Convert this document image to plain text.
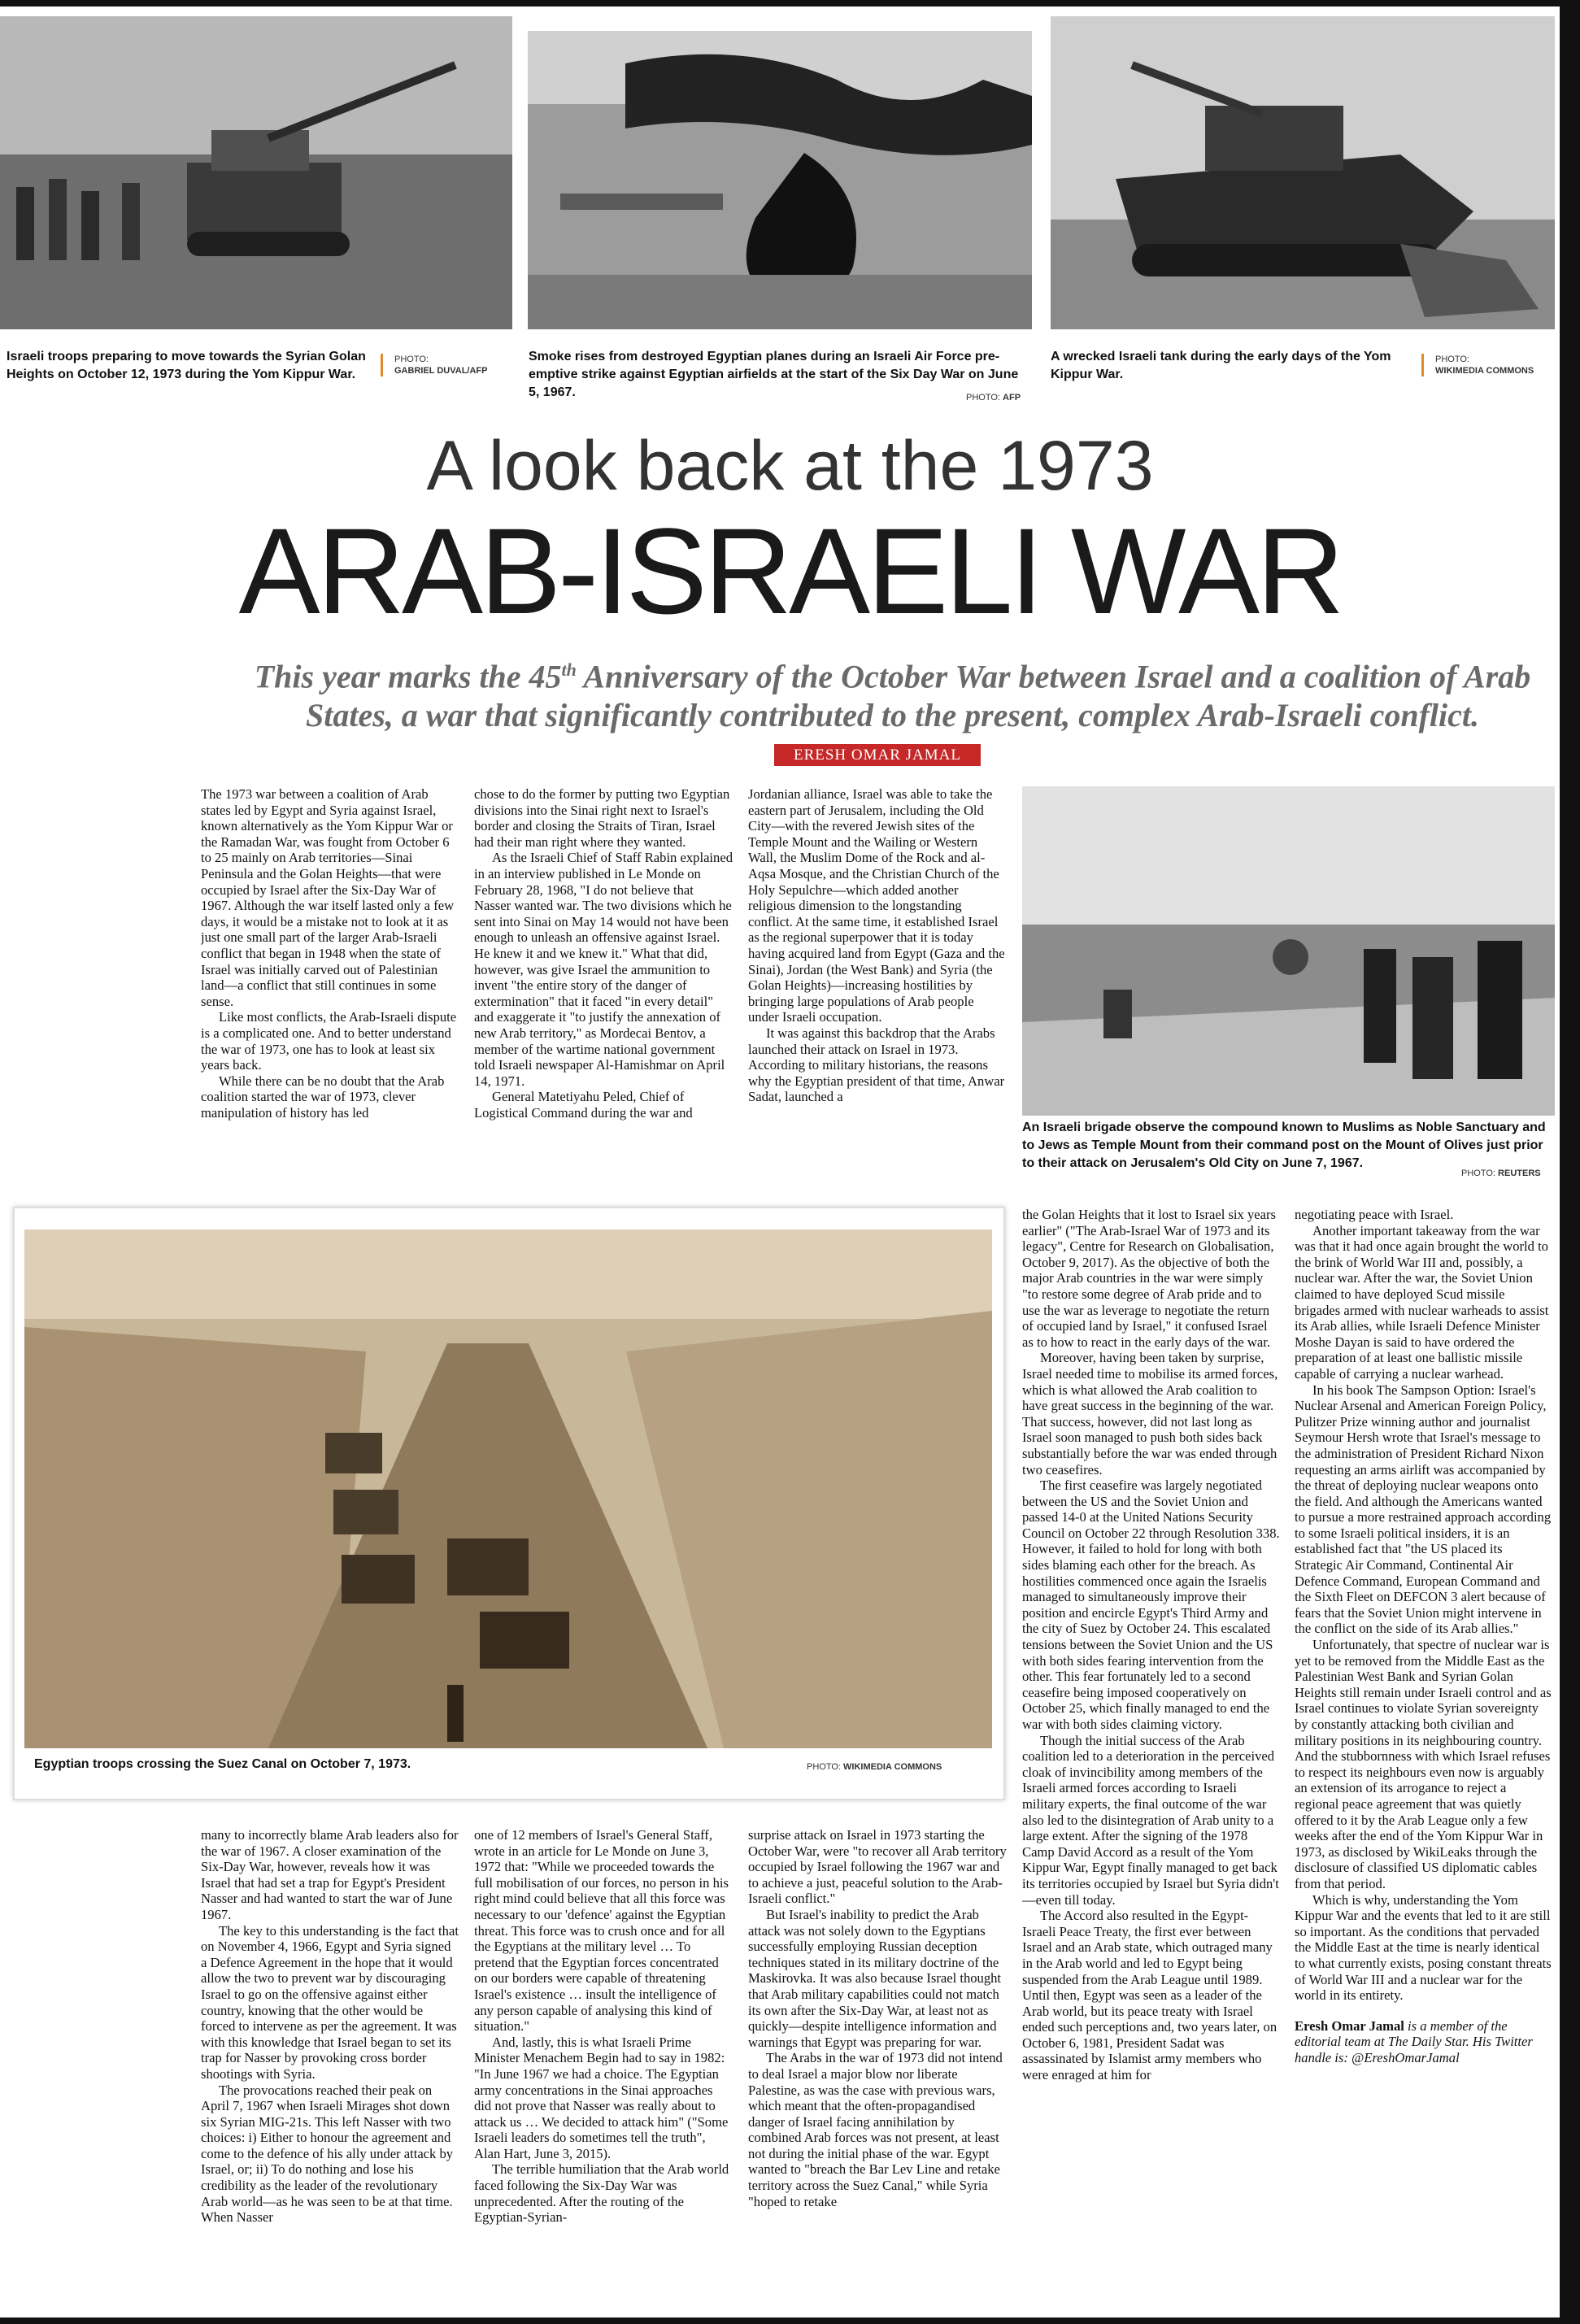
Israeli troops preparing to move towards the Syrian Golan Heights on October 12, 1973 during the Yom Kippur War.
PHOTO:
GABRIEL DUVAL/AFP
Smoke rises from destroyed Egyptian planes during an Israeli Air Force pre-emptive strike against Egyptian airfields at the start of the Six Day War on June 5, 1967.	PHOTO: AFP
A wrecked Israeli tank during the early days of the Yom Kippur War.
PHOTO:
WIKIMEDIA COMMONS
A look back at the 1973
ARAB-ISRAELI WAR
This year marks the 45th Anniversary of the October War between Israel and a coalition of Arab States, a war that significantly contributed to the present, complex Arab-Israeli conflict.
ERESH OMAR JAMAL

The 1973 war between a coalition of Arab states led by Egypt and Syria against Israel, known alternatively as the Yom Kippur War or the Ramadan War, was fought from October 6 to 25 mainly on Arab territories—Sinai Peninsula and the Golan Heights—that were occupied by Israel after the Six-Day War of 1967. Although the war itself lasted only a few days, it would be a mistake not to look at it as just one small part of the larger Arab-Israeli conflict that began in 1948 when the state of Israel was initially carved out of Palestinian land—a conflict that still continues in some sense.

Like most conflicts, the Arab-Israeli dispute is a complicated one. And to better understand the war of 1973, one has to look at least six years back.

While there can be no doubt that the Arab coalition started the war of 1973, clever manipulation of history has led

chose to do the former by putting two Egyptian divisions into the Sinai right next to Israel's border and closing the Straits of Tiran, Israel had their man right where they wanted.

As the Israeli Chief of Staff Rabin explained in an interview published in Le Monde on February 28, 1968, "I do not believe that Nasser wanted war. The two divisions which he sent into Sinai on May 14 would not have been enough to unleash an offensive against Israel. He knew it and we knew it." What that did, however, was give Israel the ammunition to invent "the entire story of the danger of extermination" that it faced "in every detail" and exaggerate it "to justify the annexation of new Arab territory," as Mordecai Bentov, a member of the wartime national government told Israeli newspaper Al-Hamishmar on April 14, 1971.

General Matetiyahu Peled, Chief of Logistical Command during the war and

Jordanian alliance, Israel was able to take the eastern part of Jerusalem, including the Old City—with the revered Jewish sites of the Temple Mount and the Wailing or Western Wall, the Muslim Dome of the Rock and al-Aqsa Mosque, and the Christian Church of the Holy Sepulchre—which added another religious dimension to the longstanding conflict. At the same time, it established Israel as the regional superpower that it is today having acquired land from Egypt (Gaza and the Sinai), Jordan (the West Bank) and Syria (the Golan Heights)—increasing hostilities by bringing large populations of Arab people under Israeli occupation.

It was against this backdrop that the Arabs launched their attack on Israel in 1973. According to military historians, the reasons why the Egyptian president of that time, Anwar Sadat, launched a

An Israeli brigade observe the compound known to Muslims as Noble Sanctuary and to Jews as Temple Mount from their command post on the Mount of Olives just prior to their attack on Jerusalem's Old City on June 7, 1967.
PHOTO: REUTERS
Egyptian troops crossing the Suez Canal on October 7, 1973.	PHOTO: WIKIMEDIA COMMONS

the Golan Heights that it lost to Israel six years earlier" ("The Arab-Israel War of 1973 and its legacy", Centre for Research on Globalisation, October 9, 2017). As the objective of both the major Arab countries in the war were simply "to restore some degree of Arab pride and to use the war as leverage to negotiate the return of occupied land by Israel," it confused Israel as to how to react in the early days of the war.

Moreover, having been taken by surprise, Israel needed time to mobilise its armed forces, which is what allowed the Arab coalition to have great success in the beginning of the war. That success, however, did not last long as Israel soon managed to push both sides back substantially before the war was ended through two ceasefires.

The first ceasefire was largely negotiated between the US and the Soviet Union and passed 14-0 at the United Nations Security Council on October 22 through Resolution 338. However, it failed to hold for long with both sides blaming each other for the breach. As hostilities commenced once again the Israelis managed to simultaneously improve their position and encircle Egypt's Third Army and the city of Suez by October 24. This escalated tensions between the Soviet Union and the US with both sides fearing intervention from the other. This fear fortunately led to a second ceasefire being imposed cooperatively on October 25, which finally managed to end the war with both sides claiming victory.

Though the initial success of the Arab coalition led to a deterioration in the perceived cloak of invincibility among members of the Israeli armed forces according to Israeli military experts, the final outcome of the war also led to the disintegration of Arab unity to a large extent. After the signing of the 1978 Camp David Accord as a result of the Yom Kippur War, Egypt finally managed to get back its territories occupied by Israel but Syria didn't—even till today.

The Accord also resulted in the Egypt-Israeli Peace Treaty, the first ever between Israel and an Arab state, which outraged many in the Arab world and led to Egypt being suspended from the Arab League until 1989. Until then, Egypt was seen as a leader of the Arab world, but its peace treaty with Israel ended such perceptions and, two years later, on October 6, 1981, President Sadat was assassinated by Islamist army members who were enraged at him for

negotiating peace with Israel.

Another important takeaway from the war was that it had once again brought the world to the brink of World War III and, possibly, a nuclear war. After the war, the Soviet Union claimed to have deployed Scud missile brigades armed with nuclear warheads to assist its Arab allies, while Israeli Defence Minister Moshe Dayan is said to have ordered the preparation of at least one ballistic missile capable of carrying a nuclear warhead.

In his book The Sampson Option: Israel's Nuclear Arsenal and American Foreign Policy, Pulitzer Prize winning author and journalist Seymour Hersh wrote that Israel's message to the administration of President Richard Nixon requesting an arms airlift was accompanied by the threat of deploying nuclear weapons onto the field. And although the Americans wanted to pursue a more restrained approach according to some Israeli political insiders, it is an established fact that "the US placed its Strategic Air Command, Continental Air Defence Command, European Command and the Sixth Fleet on DEFCON 3 alert because of fears that the Soviet Union might intervene in the conflict on the side of its Arab allies."

Unfortunately, that spectre of nuclear war is yet to be removed from the Middle East as the Palestinian West Bank and Syrian Golan Heights still remain under Israeli control and as Israel continues to violate Syrian sovereignty by constantly attacking both civilian and military positions in its neighbouring country. And the stubbornness with which Israel refuses to respect its neighbours even now is arguably an extension of its arrogance to reject a regional peace agreement that was quietly offered to it by the Arab League only a few weeks after the end of the Yom Kippur War in 1973, as disclosed by WikiLeaks through the disclosure of classified US diplomatic cables from that period.

Which is why, understanding the Yom Kippur War and the events that led to it are still so important. As the conditions that pervaded the Middle East at the time is nearly identical to what currently exists, posing constant threats of World War III and a nuclear war for the world in its entirety.

Eresh Omar Jamal is a member of the editorial team at The Daily Star. His Twitter handle is: @EreshOmarJamal

many to incorrectly blame Arab leaders also for the war of 1967. A closer examination of the Six-Day War, however, reveals how it was Israel that had set a trap for Egypt's President Nasser and had wanted to start the war of June 1967.

The key to this understanding is the fact that on November 4, 1966, Egypt and Syria signed a Defence Agreement in the hope that it would allow the two to prevent war by discouraging Israel to go on the offensive against either country, knowing that the other would be forced to intervene as per the agreement. It was with this knowledge that Israel began to set its trap for Nasser by provoking cross border shootings with Syria.

The provocations reached their peak on April 7, 1967 when Israeli Mirages shot down six Syrian MIG-21s. This left Nasser with two choices: i) Either to honour the agreement and come to the defence of his ally under attack by Israel, or; ii) To do nothing and lose his credibility as the leader of the revolutionary Arab world—as he was seen to be at that time. When Nasser

one of 12 members of Israel's General Staff, wrote in an article for Le Monde on June 3, 1972 that: "While we proceeded towards the full mobilisation of our forces, no person in his right mind could believe that all this force was necessary to our 'defence' against the Egyptian threat. This force was to crush once and for all the Egyptians at the military level … To pretend that the Egyptian forces concentrated on our borders were capable of threatening Israel's existence … insult the intelligence of any person capable of analysing this kind of situation."

And, lastly, this is what Israeli Prime Minister Menachem Begin had to say in 1982: "In June 1967 we had a choice. The Egyptian army concentrations in the Sinai approaches did not prove that Nasser was really about to attack us … We decided to attack him" ("Some Israeli leaders do sometimes tell the truth", Alan Hart, June 3, 2015).

The terrible humiliation that the Arab world faced following the Six-Day War was unprecedented. After the routing of the Egyptian-Syrian-

surprise attack on Israel in 1973 starting the October War, were "to recover all Arab territory occupied by Israel following the 1967 war and to achieve a just, peaceful solution to the Arab-Israeli conflict."

But Israel's inability to predict the Arab attack was not solely down to the Egyptians successfully employing Russian deception techniques stated in its military doctrine of the Maskirovka. It was also because Israel thought that Arab military capabilities could not match its own after the Six-Day War, at least not as quickly—despite intelligence information and warnings that Egypt was preparing for war.

The Arabs in the war of 1973 did not intend to deal Israel a major blow nor liberate Palestine, as was the case with previous wars, which meant that the often-propagandised danger of Israel facing annihilation by combined Arab forces was not present, at least not during the initial phase of the war. Egypt wanted to "breach the Bar Lev Line and retake territory across the Suez Canal," while Syria "hoped to retake
